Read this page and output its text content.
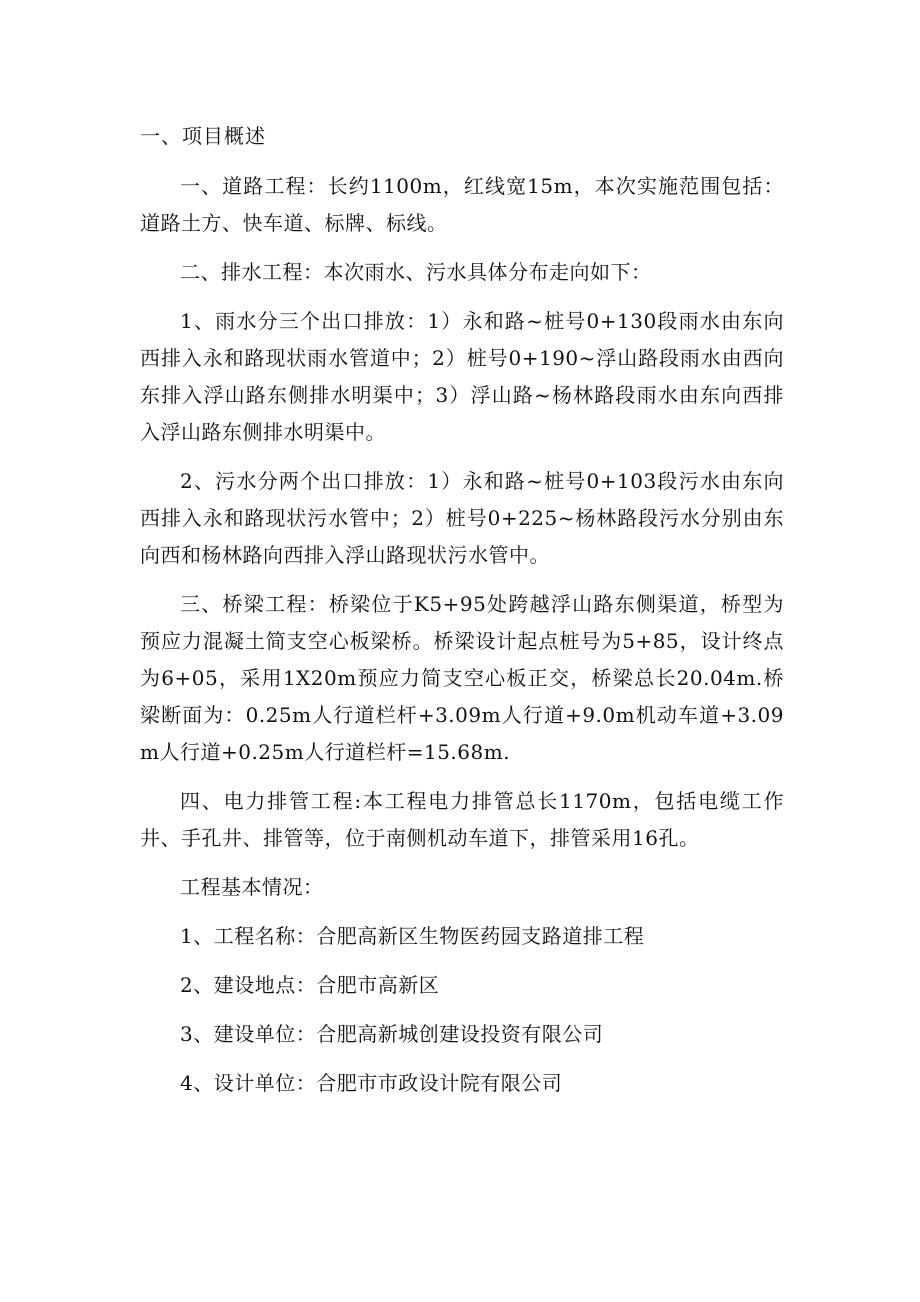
一、项目概述

一、道路工程：长约1100m，红线宽15m，本次实施范围包括：道路土方、快车道、标牌、标线。

二、排水工程：本次雨水、污水具体分布走向如下：

1、雨水分三个出口排放：1）永和路~桩号0+130段雨水由东向西排入永和路现状雨水管道中；2）桩号0+190~浮山路段雨水由西向东排入浮山路东侧排水明渠中；3）浮山路~杨林路段雨水由东向西排入浮山路东侧排水明渠中。

2、污水分两个出口排放：1）永和路~桩号0+103段污水由东向西排入永和路现状污水管中；2）桩号0+225~杨林路段污水分别由东向西和杨林路向西排入浮山路现状污水管中。

三、桥梁工程：桥梁位于K5+95处跨越浮山路东侧渠道，桥型为预应力混凝土简支空心板梁桥。桥梁设计起点桩号为5+85，设计终点为6+05，采用1X20m预应力简支空心板正交，桥梁总长20.04m.桥梁断面为：0.25m人行道栏杆+3.09m人行道+9.0m机动车道+3.09m人行道+0.25m人行道栏杆=15.68m.

四、电力排管工程:本工程电力排管总长1170m，包括电缆工作井、手孔井、排管等，位于南侧机动车道下，排管采用16孔。

工程基本情况：

1、工程名称：合肥高新区生物医药园支路道排工程

2、建设地点：合肥市高新区

3、建设单位：合肥高新城创建设投资有限公司

4、设计单位：合肥市市政设计院有限公司
